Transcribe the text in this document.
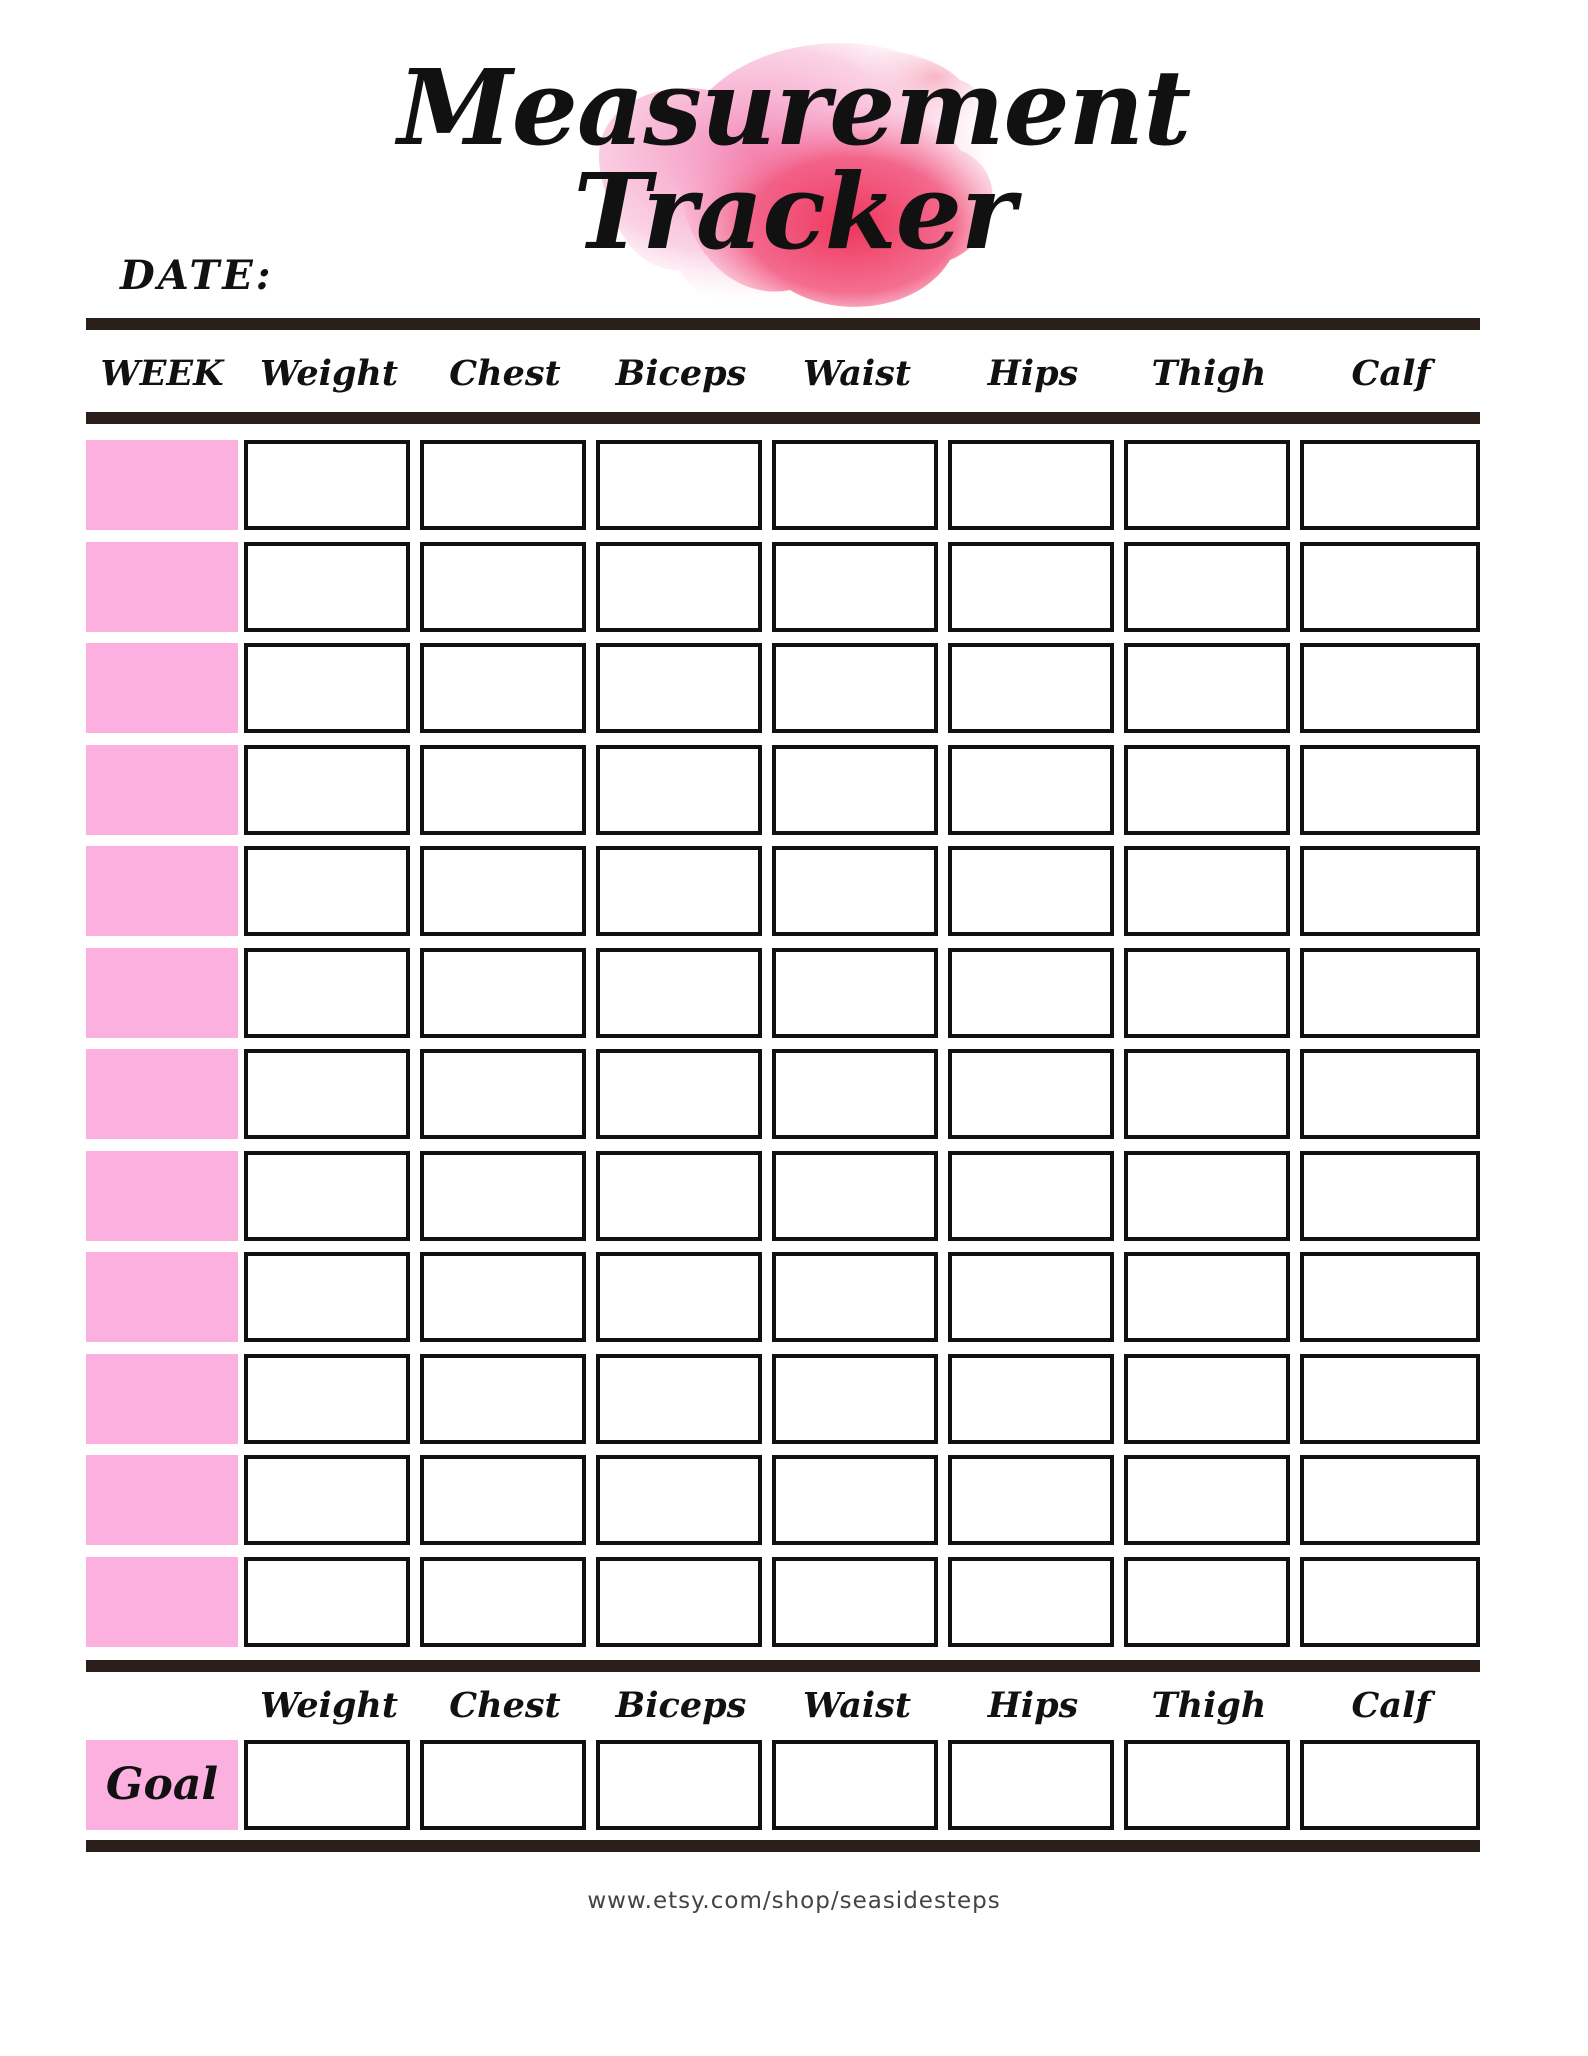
Measurement
Tracker
DATE:
WEEK	Weight	Chest	Biceps	Waist	Hips	Thigh	Calf
Weight	Chest	Biceps	Waist	Hips	Thigh	Calf
Goal
www.etsy.com/shop/seasidesteps
